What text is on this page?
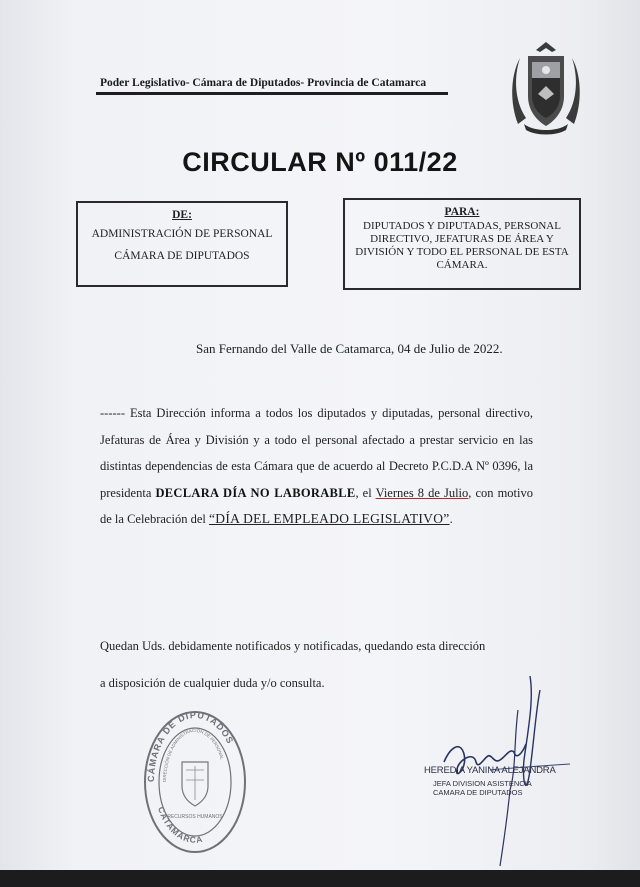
Poder Legislativo- Cámara de Diputados- Provincia de Catamarca
CIRCULAR Nº 011/22
DE:
ADMINISTRACIÓN DE PERSONAL
CÁMARA DE DIPUTADOS
PARA:
DIPUTADOS Y DIPUTADAS, PERSONAL DIRECTIVO, JEFATURAS DE ÁREA Y DIVISIÓN Y TODO EL PERSONAL DE ESTA CÁMARA.
San Fernando del Valle de Catamarca, 04 de Julio de 2022.
------ Esta Dirección informa a todos los diputados y diputadas, personal directivo, Jefaturas de Área y División y a todo el personal afectado a prestar servicio en las distintas dependencias de esta Cámara que de acuerdo al Decreto P.C.D.A Nº 0396, la presidenta DECLARA DÍA NO LABORABLE, el Viernes 8 de Julio, con motivo de la Celebración del “DÍA DEL EMPLEADO LEGISLATIVO”.
Quedan Uds. debidamente notificados y notificadas, quedando esta dirección
a disposición de cualquier duda y/o consulta.
CÁMARA DE DIPUTADOS
DIRECCIÓN DE ADMINISTRACIÓN DE PERSONAL
RECURSOS HUMANOS
CATAMARCA
HEREDIA YANINA ALEJANDRA
JEFA DIVISION ASISTENCIA
CAMARA DE DIPUTADOS
